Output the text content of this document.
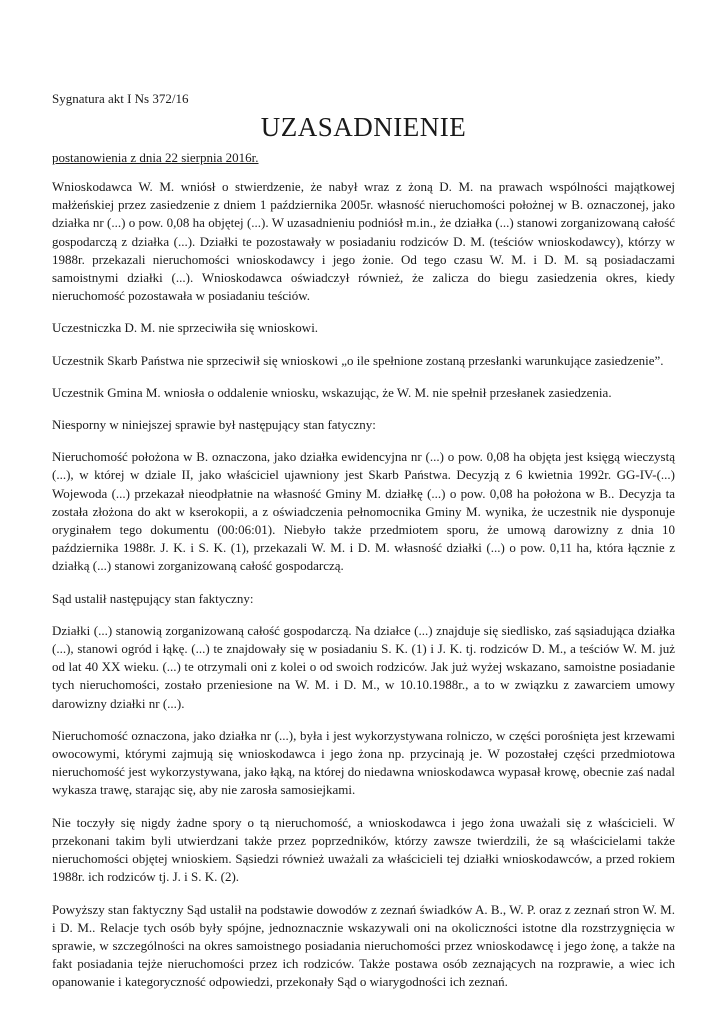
Sygnatura akt I Ns 372/16
UZASADNIENIE
postanowienia z dnia 22 sierpnia 2016r.

Wnioskodawca W. M. wniósł o stwierdzenie, że nabył wraz z żoną D. M. na prawach wspólności majątkowej małżeńskiej przez zasiedzenie z dniem 1 października 2005r. własność nieruchomości położnej w B. oznaczonej, jako działka nr (...) o pow. 0,08 ha objętej (...). W uzasadnieniu podniósł m.in., że działka (...) stanowi zorganizowaną całość gospodarczą z działka (...). Działki te pozostawały w posiadaniu rodziców D. M. (teściów wnioskodawcy), którzy w 1988r. przekazali nieruchomości wnioskodawcy i jego żonie. Od tego czasu W. M. i D. M. są posiadaczami samoistnymi działki (...). Wnioskodawca oświadczył również, że zalicza do biegu zasiedzenia okres, kiedy nieruchomość pozostawała w posiadaniu teściów.

Uczestniczka D. M. nie sprzeciwiła się wnioskowi.

Uczestnik Skarb Państwa nie sprzeciwił się wnioskowi „o ile spełnione zostaną przesłanki warunkujące zasiedzenie”.

Uczestnik Gmina M. wniosła o oddalenie wniosku, wskazując, że W. M. nie spełnił przesłanek zasiedzenia.

Niesporny w niniejszej sprawie był następujący stan fatyczny:

Nieruchomość położona w B. oznaczona, jako działka ewidencyjna nr (...) o pow. 0,08 ha objęta jest księgą wieczystą (...), w której w dziale II, jako właściciel ujawniony jest Skarb Państwa. Decyzją z 6 kwietnia 1992r. GG-IV-(...) Wojewoda (...) przekazał nieodpłatnie na własność Gminy M. działkę (...) o pow. 0,08 ha położona w B.. Decyzja ta została złożona do akt w kserokopii, a z oświadczenia pełnomocnika Gminy M. wynika, że uczestnik nie dysponuje oryginałem tego dokumentu (00:06:01). Niebyło także przedmiotem sporu, że umową darowizny z dnia 10 października 1988r. J. K. i S. K. (1), przekazali W. M. i D. M. własność działki (...) o pow. 0,11 ha, która łącznie z działką (...) stanowi zorganizowaną całość gospodarczą.

Sąd ustalił następujący stan faktyczny:

Działki (...) stanowią zorganizowaną całość gospodarczą. Na działce (...) znajduje się siedlisko, zaś sąsiadująca działka (...), stanowi ogród i łąkę. (...) te znajdowały się w posiadaniu S. K. (1) i J. K. tj. rodziców D. M., a teściów W. M. już od lat 40 XX wieku. (...) te otrzymali oni z kolei o od swoich rodziców. Jak już wyżej wskazano, samoistne posiadanie tych nieruchomości, zostało przeniesione na W. M. i D. M., w 10.10.1988r., a to w związku z zawarciem umowy darowizny działki nr (...).

Nieruchomość oznaczona, jako działka nr (...), była i jest wykorzystywana rolniczo, w części porośnięta jest krzewami owocowymi, którymi zajmują się wnioskodawca i jego żona np. przycinają je. W pozostałej części przedmiotowa nieruchomość jest wykorzystywana, jako łąką, na której do niedawna wnioskodawca wypasał krowę, obecnie zaś nadal wykasza trawę, starając się, aby nie zarosła samosiejkami.

Nie toczyły się nigdy żadne spory o tą nieruchomość, a wnioskodawca i jego żona uważali się z właścicieli. W przekonani takim byli utwierdzani także przez poprzedników, którzy zawsze twierdzili, że są właścicielami także nieruchomości objętej wnioskiem. Sąsiedzi również uważali za właścicieli tej działki wnioskodawców, a przed rokiem 1988r. ich rodziców tj. J. i S. K. (2).

Powyższy stan faktyczny Sąd ustalił na podstawie dowodów z zeznań świadków A. B., W. P. oraz z zeznań stron W. M. i D. M.. Relacje tych osób były spójne, jednoznacznie wskazywali oni na okoliczności istotne dla rozstrzygnięcia w sprawie, w szczególności na okres samoistnego posiadania nieruchomości przez wnioskodawcę i jego żonę, a także na fakt posiadania tejże nieruchomości przez ich rodziców. Także postawa osób zeznających na rozprawie, a wiec ich opanowanie i kategoryczność odpowiedzi, przekonały Sąd o wiarygodności ich zeznań.
